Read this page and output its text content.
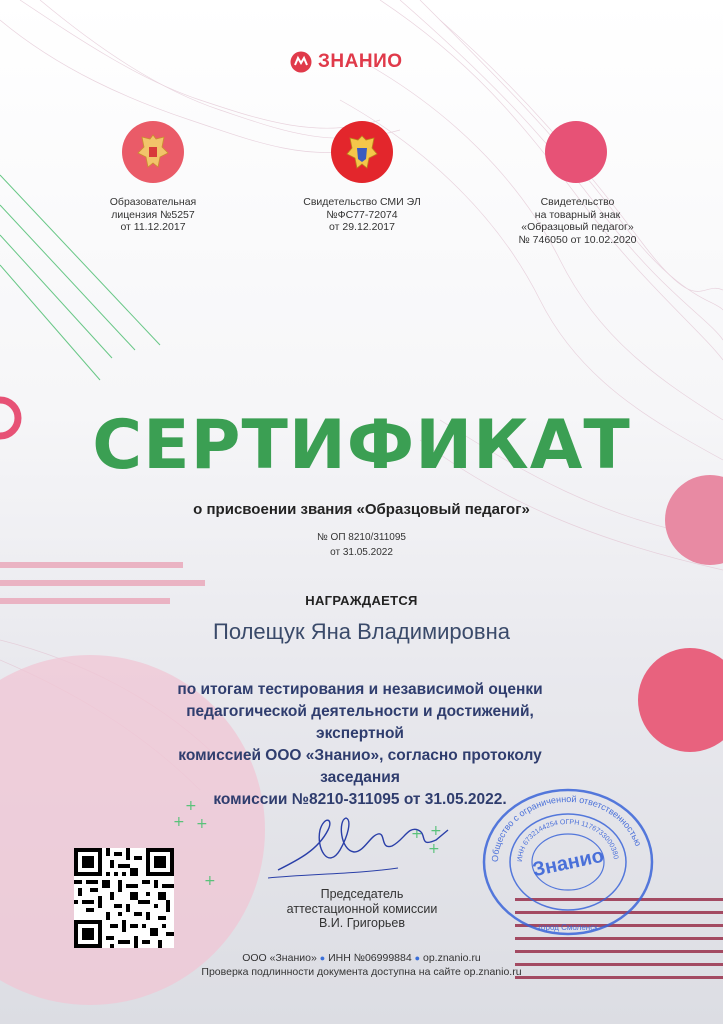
+
+
+
+
+ +
+
ЗНАНИО
Образовательная
лицензия №5257
от 11.12.2017
Свидетельство СМИ ЭЛ
№ФС77-72074
от 29.12.2017
Свидетельство
на товарный знак
«Образцовый педагог»
№ 746050 от 10.02.2020
СЕРТИФИКАТ
о присвоении звания «Образцовый педагог»
№ ОП 8210/311095
от 31.05.2022
НАГРАЖДАЕТСЯ
Полещук Яна Владимировна
по итогам тестирования и независимой оценки
педагогической деятельности и достижений, экспертной
комиссией ООО «Знанио», согласно протоколу заседания
комиссии №8210-311095 от 31.05.2022.
Общество с ограниченной ответственностью
ИНН 6732144254 ОГРН 1176733000380
Знанио
город Смоленск
Председатель
аттестационной комиссии
В.И. Григорьев
ООО «Знанио» ● ИНН №06999884 ● op.znanio.ru
Проверка подлинности документа доступна на сайте op.znanio.ru
